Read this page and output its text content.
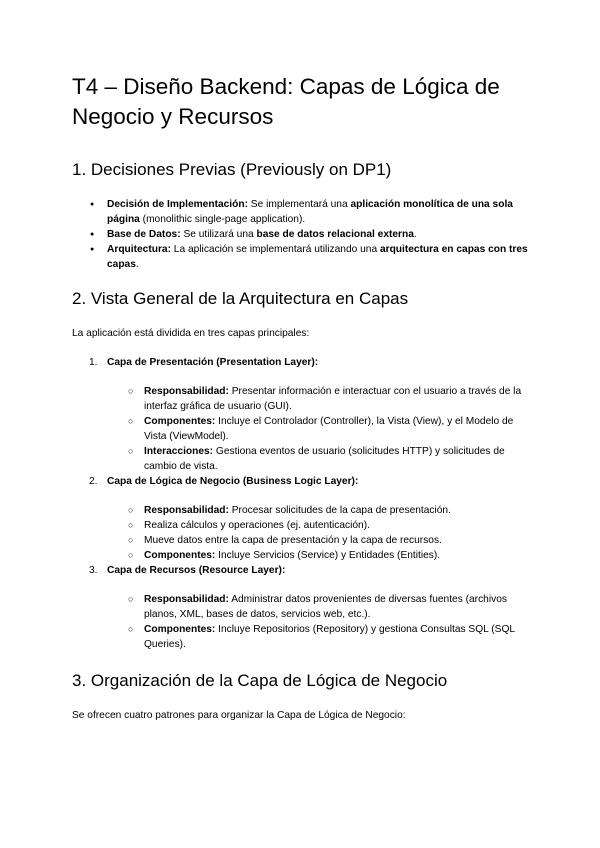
T4 – Diseño Backend: Capas de Lógica de Negocio y Recursos
1. Decisiones Previas (Previously on DP1)
● Decisión de Implementación: Se implementará una aplicación monolítica de una sola página (monolithic single-page application).
● Base de Datos: Se utilizará una base de datos relacional externa.
● Arquitectura: La aplicación se implementará utilizando una arquitectura en capas con tres capas.
2. Vista General de la Arquitectura en Capas

La aplicación está dividida en tres capas principales:

1. Capa de Presentación (Presentation Layer):
○ Responsabilidad: Presentar información e interactuar con el usuario a través de la interfaz gráfica de usuario (GUI).
○ Componentes: Incluye el Controlador (Controller), la Vista (View), y el Modelo de Vista (ViewModel).
○ Interacciones: Gestiona eventos de usuario (solicitudes HTTP) y solicitudes de cambio de vista.
2. Capa de Lógica de Negocio (Business Logic Layer):
○ Responsabilidad: Procesar solicitudes de la capa de presentación.
○ Realiza cálculos y operaciones (ej. autenticación).
○ Mueve datos entre la capa de presentación y la capa de recursos.
○ Componentes: Incluye Servicios (Service) y Entidades (Entities).
3. Capa de Recursos (Resource Layer):
○ Responsabilidad: Administrar datos provenientes de diversas fuentes (archivos planos, XML, bases de datos, servicios web, etc.).
○ Componentes: Incluye Repositorios (Repository) y gestiona Consultas SQL (SQL Queries).
3. Organización de la Capa de Lógica de Negocio

Se ofrecen cuatro patrones para organizar la Capa de Lógica de Negocio:
